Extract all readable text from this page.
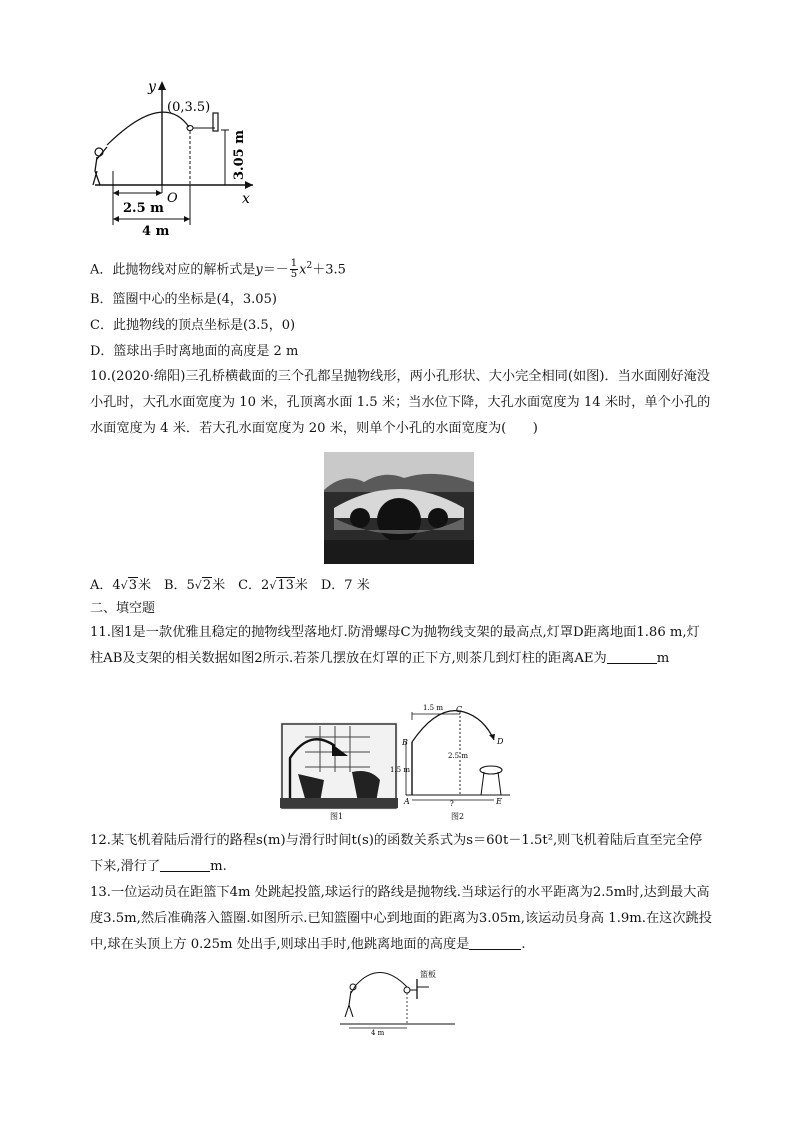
y
x
O
(0,3.5)
3.05 m
2.5 m
4 m
A．此抛物线对应的解析式是$y=- \frac{1}{5} x^2+3.5$
B．篮圈中心的坐标是(4，3.05)
C．此抛物线的顶点坐标是(3.5，0)
D．篮球出手时离地面的高度是 2 m
10.(2020·绵阳)三孔桥横截面的三个孔都呈抛物线形，两小孔形状、大小完全相同(如图)．当水面刚好淹没小孔时，大孔水面宽度为 10 米，孔顶离水面 1.5 米；当水位下降，大孔水面宽度为 14 米时，单个小孔的水面宽度为 4 米．若大孔水面宽度为 20 米，则单个小孔的水面宽度为(　　)
A．4√3米　B．5√2米　C．2√13米　D．7 米
二、填空题
11.图1是一款优雅且稳定的抛物线型落地灯.防滑螺母C为抛物线支架的最高点,灯罩D距离地面1.86 m,灯柱AB及支架的相关数据如图2所示.若茶几摆放在灯罩的正下方,则茶几到灯柱的距离AE为	m
图1
1.5 m
2.5 m
1.5 m
?
A
B
C
D
E
图2
12.某飞机着陆后滑行的路程s(m)与滑行时间t(s)的函数关系式为s＝60t－1.5t²,则飞机着陆后直至完全停下来,滑行了	m.
13.一位运动员在距篮下4m 处跳起投篮,球运行的路线是抛物线.当球运行的水平距离为2.5m时,达到最大高度3.5m,然后准确落入篮圈.如图所示.已知篮圈中心到地面的距离为3.05m,该运动员身高 1.9m.在这次跳投中,球在头顶上方 0.25m 处出手,则球出手时,他跳离地面的高度是	.
篮板
4 m
